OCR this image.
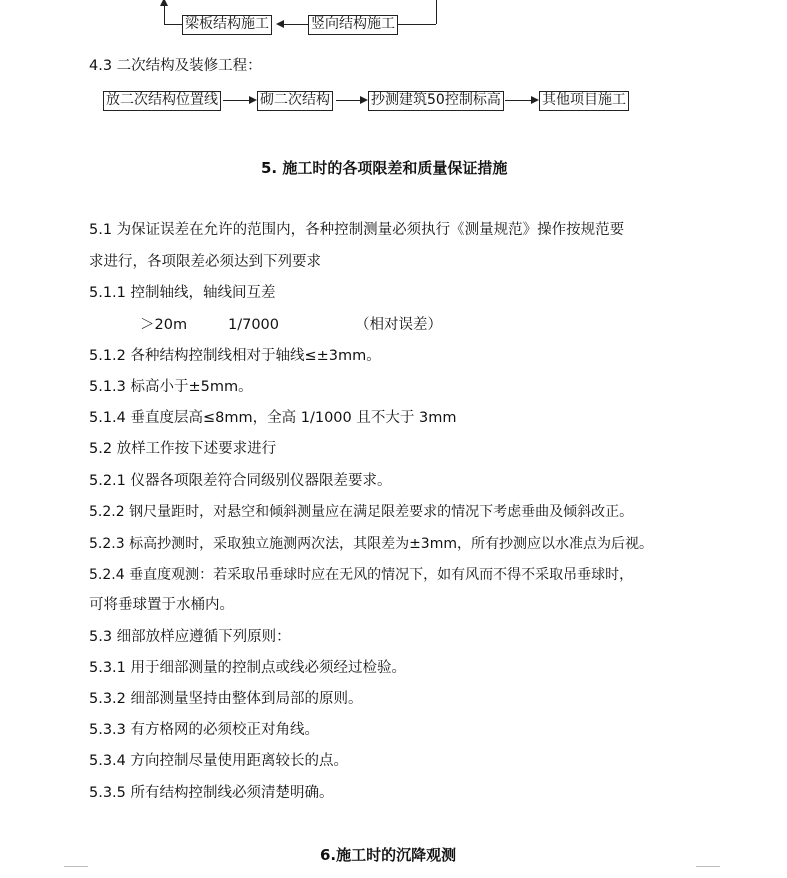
梁板结构施工	竖向结构施工
4.3 二次结构及装修工程：
放二次结构位置线	砌二次结构	抄测建筑50控制标高	其他项目施工
5. 施工时的各项限差和质量保证措施
5.1 为保证误差在允许的范围内，各种控制测量必须执行《测量规范》操作按规范要
求进行，各项限差必须达到下列要求
5.1.1 控制轴线，轴线间互差
＞20m	1/7000	（相对误差）
5.1.2 各种结构控制线相对于轴线≤±3mm。
5.1.3 标高小于±5mm。
5.1.4 垂直度层高≤8mm，全高 1/1000 且不大于 3mm
5.2 放样工作按下述要求进行
5.2.1 仪器各项限差符合同级别仪器限差要求。
5.2.2 钢尺量距时，对悬空和倾斜测量应在满足限差要求的情况下考虑垂曲及倾斜改正。
5.2.3 标高抄测时，采取独立施测两次法，其限差为±3mm，所有抄测应以水准点为后视。
5.2.4 垂直度观测：若采取吊垂球时应在无风的情况下，如有风而不得不采取吊垂球时，
可将垂球置于水桶内。
5.3 细部放样应遵循下列原则：
5.3.1 用于细部测量的控制点或线必须经过检验。
5.3.2 细部测量坚持由整体到局部的原则。
5.3.3 有方格网的必须校正对角线。
5.3.4 方向控制尽量使用距离较长的点。
5.3.5 所有结构控制线必须清楚明确。
6.施工时的沉降观测
